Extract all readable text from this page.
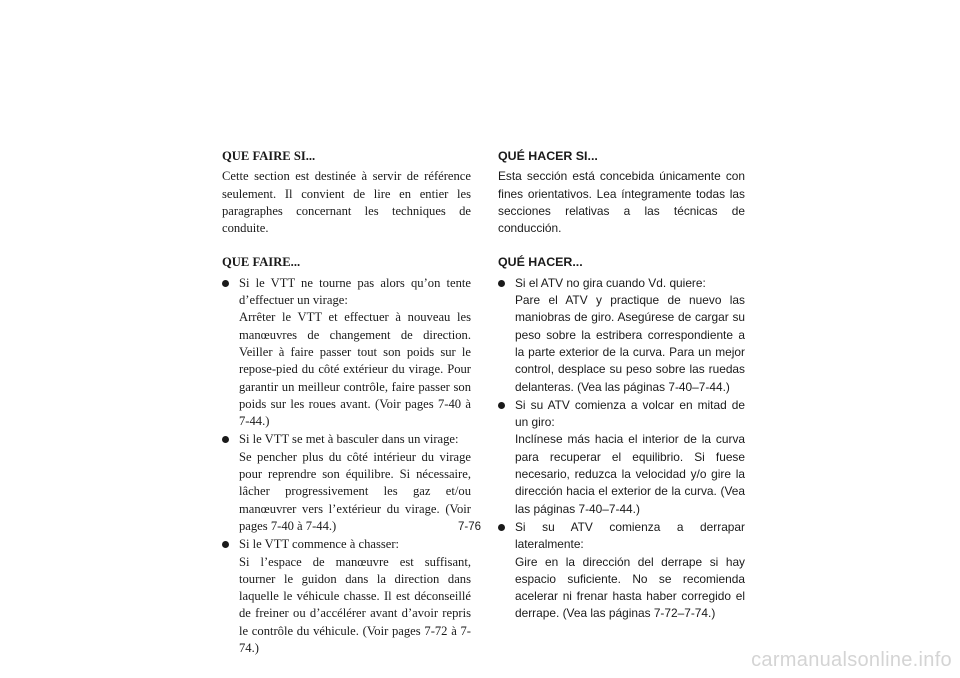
QUE FAIRE SI...

Cette section est destinée à servir de référence seulement. Il convient de lire en entier les paragraphes concernant les techniques de conduite.

QUE FAIRE...

Si le VTT ne tourne pas alors qu’on tente d’effectuer un virage:

Arrêter le VTT et effectuer à nouveau les manœuvres de changement de direction. Veiller à faire passer tout son poids sur le repose-pied du côté extérieur du virage. Pour garantir un meilleur contrôle, faire passer son poids sur les roues avant. (Voir pages 7-40 à 7-44.)

Si le VTT se met à basculer dans un virage:

Se pencher plus du côté intérieur du virage pour reprendre son équilibre. Si nécessaire, lâcher progressivement les gaz et/ou manœuvrer vers l’extérieur du virage. (Voir pages 7-40 à 7-44.)

Si le VTT commence à chasser:

Si l’espace de manœuvre est suffisant, tourner le guidon dans la direction dans laquelle le véhicule chasse. Il est déconseillé de freiner ou d’accélérer avant d’avoir repris le contrôle du véhicule. (Voir pages 7-72 à 7-74.)

QUÉ HACER SI...

Esta sección está concebida únicamente con fines orientativos. Lea íntegramente todas las secciones relativas a las técnicas de conducción.

QUÉ HACER...

Si el ATV no gira cuando Vd. quiere:

Pare el ATV y practique de nuevo las maniobras de giro. Asegúrese de cargar su peso sobre la estribera correspondiente a la parte exterior de la curva. Para un mejor control, desplace su peso sobre las ruedas delanteras. (Vea las páginas 7-40–7-44.)

Si su ATV comienza a volcar en mitad de un giro:

Inclínese más hacia el interior de la curva para recuperar el equilibrio. Si fuese necesario, reduzca la velocidad y/o gire la dirección hacia el exterior de la curva. (Vea las páginas 7-40–7-44.)

Si su ATV comienza a derrapar lateralmente:

Gire en la dirección del derrape si hay espacio suficiente. No se recomienda acelerar ni frenar hasta haber corregido el derrape. (Vea las páginas 7-72–7-74.)

7-76
carmanualsonline.info
